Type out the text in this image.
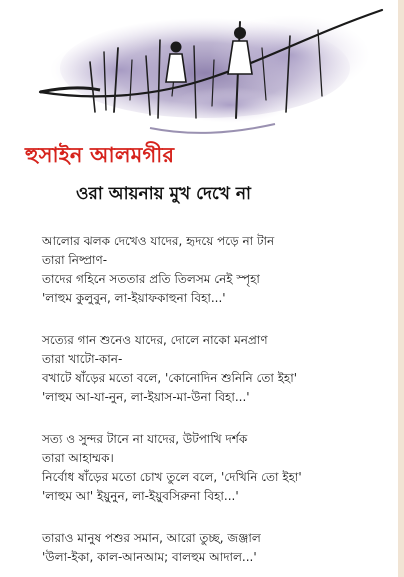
হুসাইন আলমগীর
ওরা আয়নায় মুখ দেখে না
আলোর ঝলক দেখেও যাদের, হৃদয়ে পড়ে না টান
তারা নিষ্প্রাণ-
তাদের গহিনে সততার প্রতি তিলসম নেই স্পৃহা
'লাহুম কুলুবুন, লা-ইয়াফকাহুনা বিহা...'
সত্যের গান শুনেও যাদের, দোলে নাকো মনপ্রাণ
তারা খাটো-কান-
বখাটে ষাঁড়ের মতো বলে, 'কোনোদিন শুনিনি তো ইহা'
'লাহুম আ-যা-নুন, লা-ইয়াস-মা-উনা বিহা...'
সত্য ও সুন্দর টানে না যাদের, উটপাখি দর্শক
তারা আহাম্মক।
নির্বোধ ষাঁড়ের মতো চোখ তুলে বলে, 'দেখিনি তো ইহা'
'লাহুম আ' ইয়ুনুন, লা-ইয়ুবসিরুনা বিহা...'
তারাও মানুষ পশুর সমান, আরো তুচ্ছ, জঞ্জাল
'উলা-ইকা, কাল-আনআম; বালহুম আদাল...'
